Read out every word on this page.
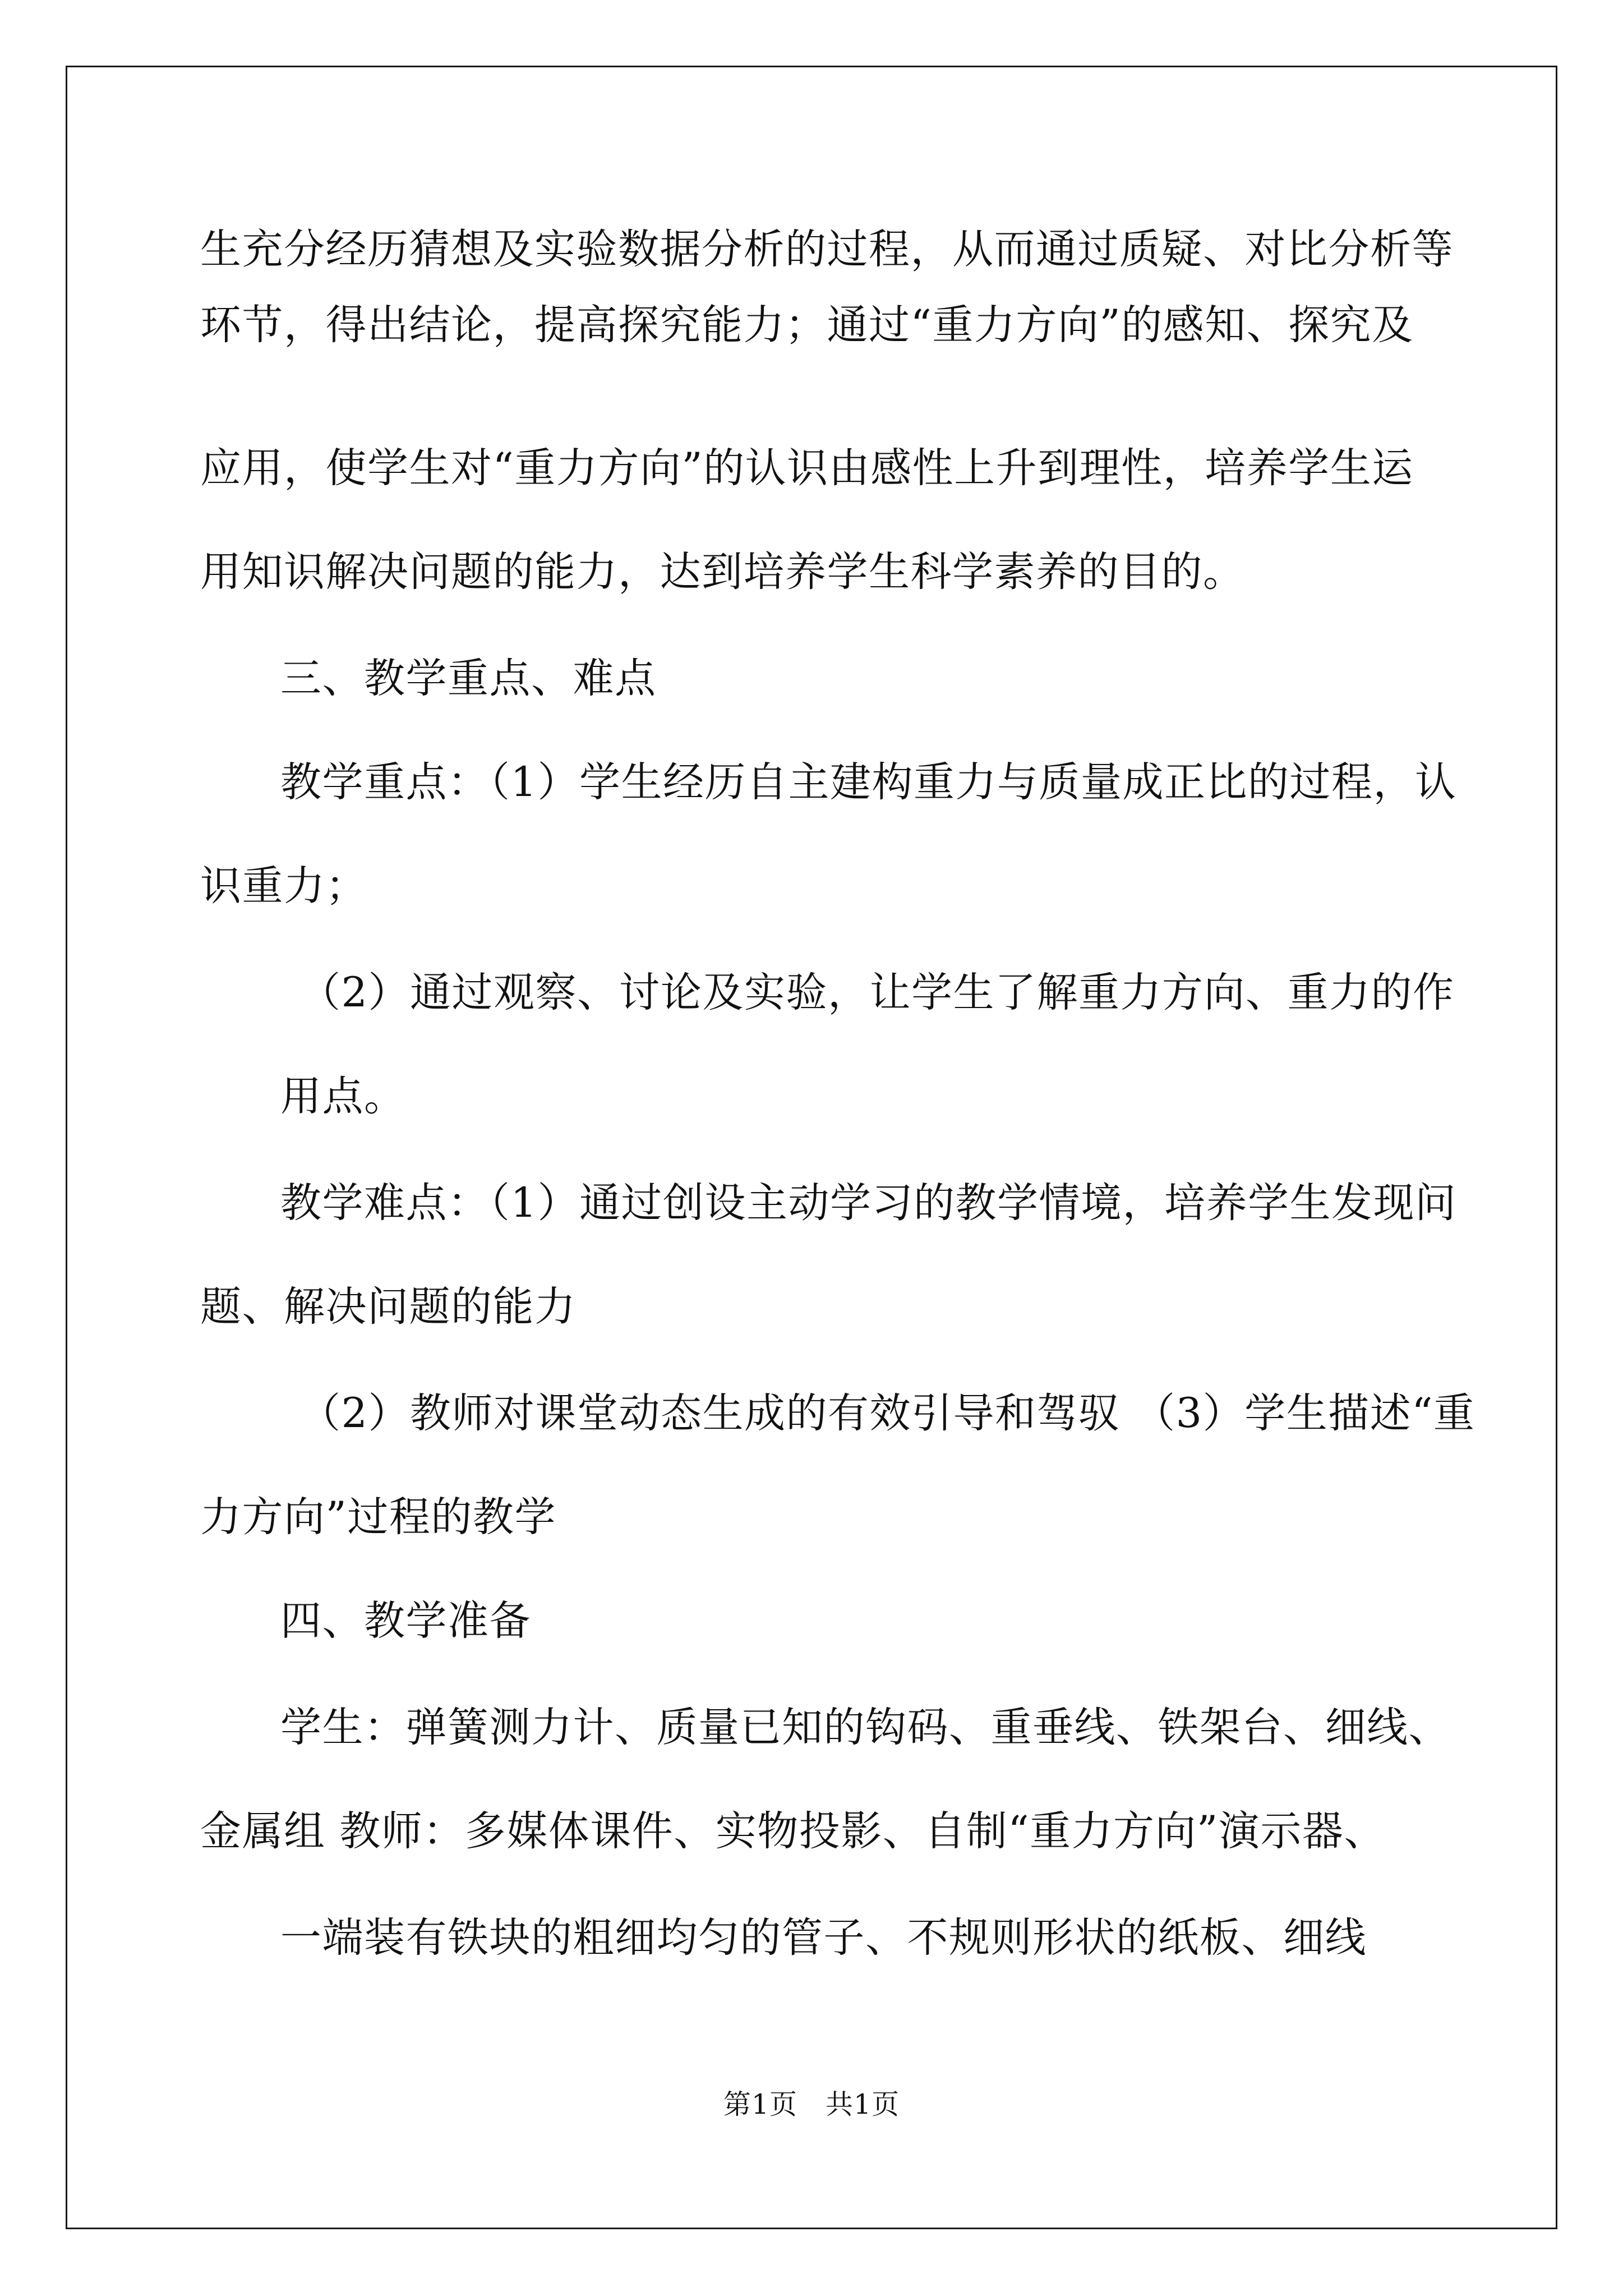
生充分经历猜想及实验数据分析的过程，从而通过质疑、对比分析等
环节，得出结论，提高探究能力；通过“重力方向”的感知、探究及
应用，使学生对“重力方向”的认识由感性上升到理性，培养学生运
用知识解决问题的能力，达到培养学生科学素养的目的。
三、教学重点、难点
教学重点：（1）学生经历自主建构重力与质量成正比的过程，认
识重力；
（2）通过观察、讨论及实验，让学生了解重力方向、重力的作
用点。
教学难点：（1）通过创设主动学习的教学情境，培养学生发现问
题、解决问题的能力
（2）教师对课堂动态生成的有效引导和驾驭 （3）学生描述“重
力方向”过程的教学
四、教学准备
学生：弹簧测力计、质量已知的钩码、重垂线、铁架台、细线、
金属组 教师：多媒体课件、实物投影、自制“重力方向”演示器、
一端装有铁块的粗细均匀的管子、不规则形状的纸板、细线
第1页　共1页
